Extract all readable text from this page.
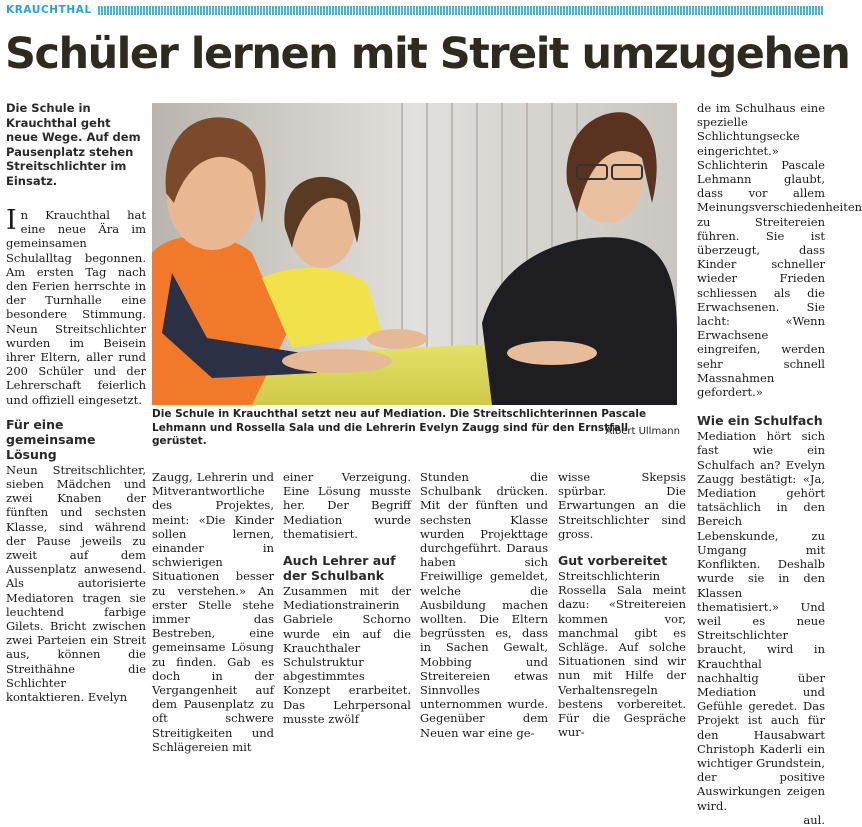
KRAUCHTHAL
Schüler lernen mit Streit umzugehen
Die Schule in Krauchthal geht neue Wege. Auf dem Pausenplatz stehen Streitschlichter im Einsatz.

In Krauchthal hat eine neue Ära im gemeinsamen Schulalltag begonnen. Am ersten Tag nach den Ferien herrschte in der Turnhalle eine besondere Stimmung. Neun Streitschlichter wurden im Beisein ihrer Eltern, aller rund 200 Schüler und der Lehrerschaft feierlich und offiziell eingesetzt.

Für eine gemeinsame Lösung

Neun Streitschlichter, sieben Mädchen und zwei Knaben der fünften und sechsten Klasse, sind während der Pause jeweils zu zweit auf dem Aussenplatz anwesend. Als autorisierte Mediatoren tragen sie leuchtend farbige Gilets. Bricht zwischen zwei Parteien ein Streit aus, können die Streithähne die Schlichter kontaktieren. Evelyn

Die Schule in Krauchthal setzt neu auf Mediation. Die Streitschlichterinnen Pascale Lehmann und Rossella Sala und die Lehrerin Evelyn Zaugg sind für den Ernstfall gerüstet.
Albert Ullmann

Zaugg, Lehrerin und Mitverantwortliche des Projektes, meint: «Die Kinder sollen lernen, einander in schwierigen Situationen besser zu verstehen.» An erster Stelle stehe immer das Bestreben, eine gemeinsame Lösung zu finden. Gab es doch in der Vergangenheit auf dem Pausenplatz zu oft schwere Streitigkeiten und Schlägereien mit

einer Verzeigung. Eine Lösung musste her. Der Begriff Mediation wurde thematisiert.

Auch Lehrer auf der Schulbank

Zusammen mit der Mediationstrainerin Gabriele Schorno wurde ein auf die Krauchthaler Schulstruktur abgestimmtes Konzept erarbeitet. Das Lehrpersonal musste zwölf

Stunden die Schulbank drücken. Mit der fünften und sechsten Klasse wurden Projekttage durchgeführt. Daraus haben sich Freiwillige gemeldet, welche die Ausbildung machen wollten. Die Eltern begrüssten es, dass in Sachen Gewalt, Mobbing und Streitereien etwas Sinnvolles unternommen wurde. Gegenüber dem Neuen war eine ge-

wisse Skepsis spürbar. Die Erwartungen an die Streitschlichter sind gross.

Gut vorbereitet

Streitschlichterin Rossella Sala meint dazu: «Streitereien kommen vor, manchmal gibt es Schläge. Auf solche Situationen sind wir nun mit Hilfe der Verhaltensregeln bestens vorbereitet. Für die Gespräche wur-

de im Schulhaus eine spezielle Schlichtungsecke eingerichtet.» Schlichterin Pascale Lehmann glaubt, dass vor allem Meinungsverschiedenheiten zu Streitereien führen. Sie ist überzeugt, dass Kinder schneller wieder Frieden schliessen als die Erwachsenen. Sie lacht: «Wenn Erwachsene eingreifen, werden sehr schnell Massnahmen gefordert.»

Wie ein Schulfach

Mediation hört sich fast wie ein Schulfach an? Evelyn Zaugg bestätigt: «Ja, Mediation gehört tatsächlich in den Bereich Lebenskunde, zu Umgang mit Konflikten. Deshalb wurde sie in den Klassen thematisiert.» Und weil es neue Streitschlichter braucht, wird in Krauchthal nachhaltig über Mediation und Gefühle geredet. Das Projekt ist auch für den Hausabwart Christoph Kaderli ein wichtiger Grundstein, der positive Auswirkungen zeigen wird.

aul.
